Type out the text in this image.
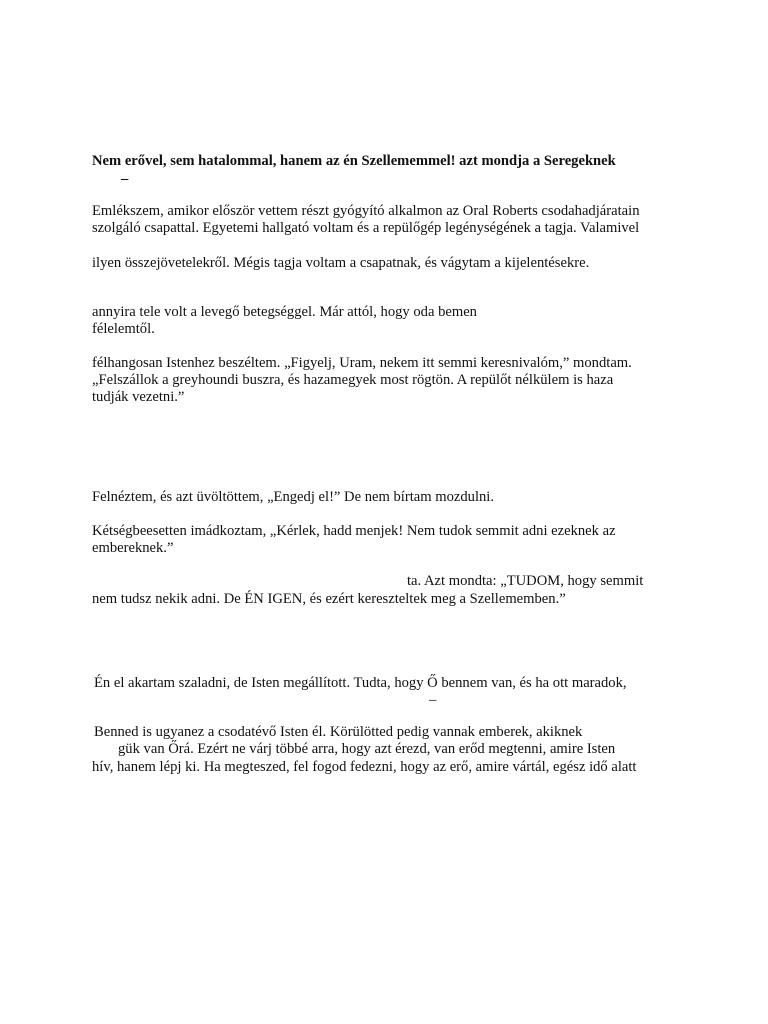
Nem erővel, sem hatalommal, hanem az én Szellememmel! azt mondja a Seregeknek
–
Emlékszem, amikor először vettem részt gyógyító alkalmon az Oral Roberts csodahadjáratain
szolgáló csapattal. Egyetemi hallgató voltam és a repülőgép legénységének a tagja. Valamivel
ilyen összejövetelekről. Mégis tagja voltam a csapatnak, és vágytam a kijelentésekre.
annyira tele volt a levegő betegséggel. Már attól, hogy oda bemen
félelemtől.
félhangosan Istenhez beszéltem. „Figyelj, Uram, nekem itt semmi keresnivalóm,” mondtam.
„Felszállok a greyhoundi buszra, és hazamegyek most rögtön. A repülőt nélkülem is haza
tudják vezetni.”
Felnéztem, és azt üvöltöttem, „Engedj el!” De nem bírtam mozdulni.
Kétségbeesetten imádkoztam, „Kérlek, hadd menjek! Nem tudok semmit adni ezeknek az
embereknek.”
ta. Azt mondta: „TUDOM, hogy semmit
nem tudsz nekik adni. De ÉN IGEN, és ezért kereszteltek meg a Szellememben.”
Én el akartam szaladni, de Isten megállított. Tudta, hogy Ő bennem van, és ha ott maradok,
–
Benned is ugyanez a csodatévő Isten él. Körülötted pedig vannak emberek, akiknek
gük van Őrá. Ezért ne várj többé arra, hogy azt érezd, van erőd megtenni, amire Isten
hív, hanem lépj ki. Ha megteszed, fel fogod fedezni, hogy az erő, amire vártál, egész idő alatt
